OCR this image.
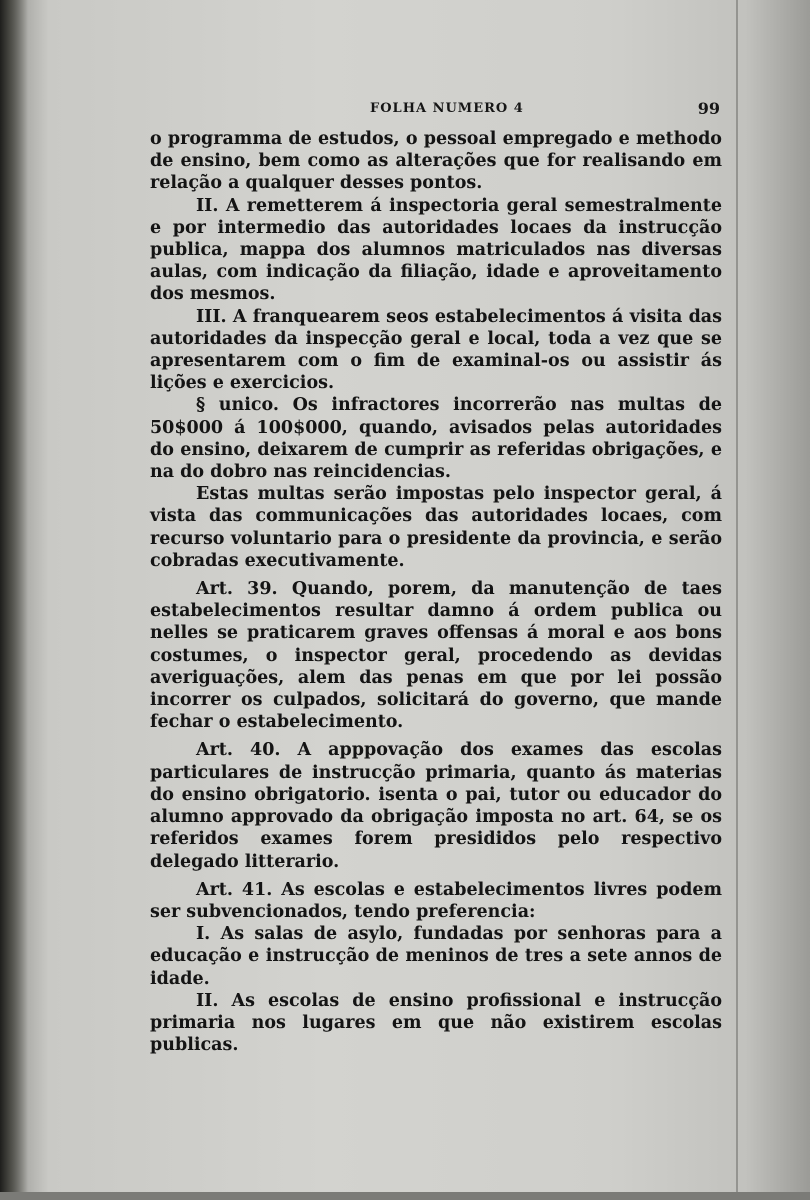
FOLHA NUMERO 4	99

o programma de estudos, o pessoal empregado e methodo de ensino, bem como as alterações que for realisando em relação a qualquer desses pontos.

II. A remetterem á inspectoria geral semestralmente e por intermedio das autoridades locaes da instrucção publica, mappa dos alumnos matriculados nas diversas aulas, com indicação da filiação, idade e aproveitamento dos mesmos.

III. A franquearem seos estabelecimentos á visita das autoridades da inspecção geral e local, toda a vez que se apresentarem com o fim de examinal-os ou assistir ás lições e exercicios.

§ unico. Os infractores incorrerão nas multas de 50$000 á 100$000, quando, avisados pelas autoridades do ensino, deixarem de cumprir as referidas obrigações, e na do dobro nas reincidencias.

Estas multas serão impostas pelo inspector geral, á vista das communicações das autoridades locaes, com recurso voluntario para o presidente da provincia, e serão cobradas executivamente.

Art. 39. Quando, porem, da manutenção de taes estabelecimentos resultar damno á ordem publica ou nelles se praticarem graves offensas á moral e aos bons costumes, o inspector geral, procedendo as devidas averiguações, alem das penas em que por lei possão incorrer os culpados, solicitará do governo, que mande fechar o estabelecimento.

Art. 40. A apppovação dos exames das escolas particulares de instrucção primaria, quanto ás materias do ensino obrigatorio. isenta o pai, tutor ou educador do alumno approvado da obrigação imposta no art. 64, se os referidos exames forem presididos pelo respectivo delegado litterario.

Art. 41. As escolas e estabelecimentos livres podem ser subvencionados, tendo preferencia:

I. As salas de asylo, fundadas por senhoras para a educação e instrucção de meninos de tres a sete annos de idade.

II. As escolas de ensino profissional e instrucção primaria nos lugares em que não existirem escolas publicas.
